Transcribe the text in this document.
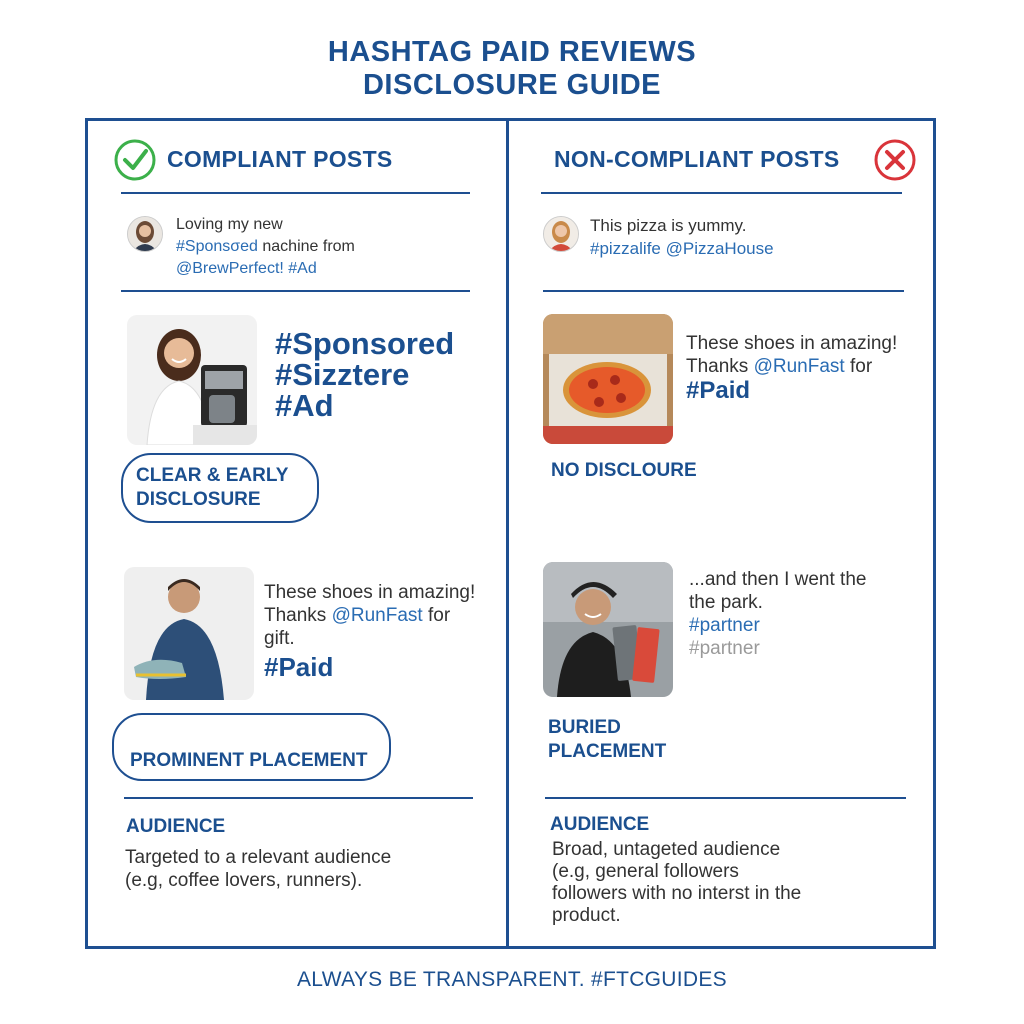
HASHTAG PAID REVIEWS
DISCLOSURE GUIDE
COMPLIANT POSTS
Loving my new
#Sponsσed nachine from
@BrewPerfect! #Ad
#Sponsored
#Sizztere
#Ad
CLEAR & EARLY
DISCLOSURE
These shoes in amazing!
Thanks @RunFast for
gift.
#Paid
PROMINENT PLACEMENT
AUDIENCE
Targeted to a relevant audience
(e.g, coffee lovers, runners).
NON-COMPLIANT POSTS
This pizza is yummy.
#pizzalife @PizzaHouse
These shoes in amazing!
Thanks @RunFast for
#Paid
NO DISCLOURE
...and then I went the
the park.
#partner
#partner
BURIED
PLACEMENT
AUDIENCE
Broad, untageted audience
(e.g, general followers
followers with no interst in the
product.
ALWAYS BE TRANSPARENT. #FTCGUIDES
